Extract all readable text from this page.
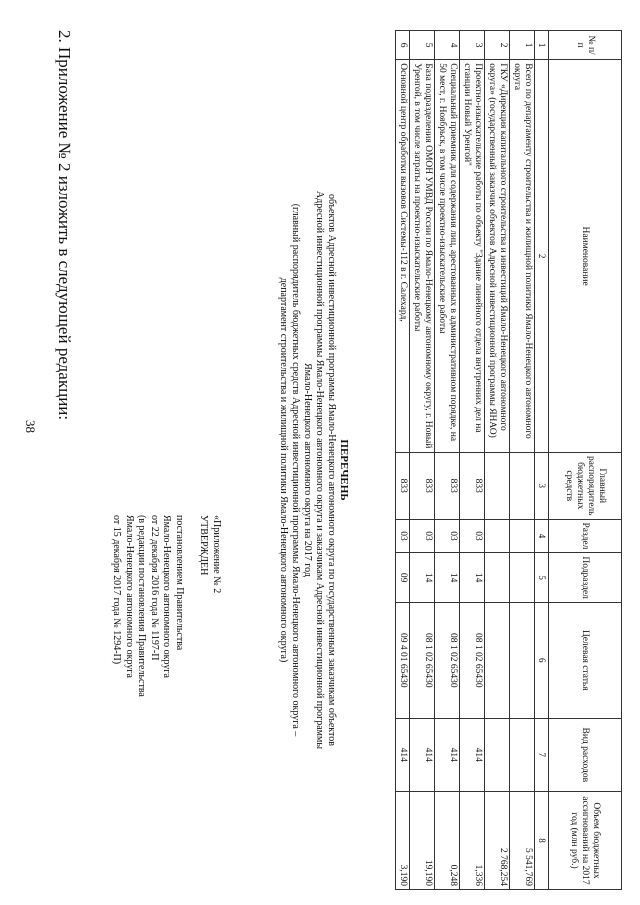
2. Приложение № 2 изложить в следующей редакции:
38
«Приложение № 2
УТВЕРЖДЕН
постановлением Правительства
Ямало-Ненецкого автономного округа
от 22 декабря 2016 года № 1197-П
(в редакции постановления Правительства
Ямало-Ненецкого автономного округа
от 15 декабря 2017 года № 1294-П)
ПЕРЕЧЕНЬ
объектов Адресной инвестиционной программы Ямало-Ненецкого автономного округа по государственным заказчикам объектов
Адресной инвестиционной программы Ямало-Ненецкого автономного округа и заказчикам Адресной инвестиционной программы
Ямало-Ненецкого автономного округа на 2017 год
(главный распорядитель бюджетных средств Адресной инвестиционной программы Ямало-Ненецкого автономного округа –
департамент строительства и жилищной политики Ямало-Ненецкого автономного округа)
№ п/п	Наименование	Главный распорядитель бюджетных средств	Раздел	Подраздел	Целевая статья	Вид расходов	Объем бюджетных ассигнований на 2017 год (млн руб.)
1	2	3	4	5	6	7	8
1	Всего по департаменту строительства и жилищной политики Ямало-Ненецкого автономного округа						5 541,769
2	ГКУ «Дирекция капитального строительства и инвестиций Ямало-Ненецкого автономного округа» (государственный заказчик объектов Адресной инвестиционной программы ЯНАО)						2 768,254
3	Проектно-изыскательские работы по объекту "Здание линейного отдела внутренних дел на станции Новый Уренгой"	833	03	14	08 1 02 65430	414	1,336
4	Специальный приемник для содержания лиц, арестованных в административном порядке, на 50 мест, г. Ноябрьск, в том числе проектно-изыскательские работы	833	03	14	08 1 02 65430	414	0,248
5	База подразделения ОМОН УМВД России по Ямало-Ненецкому автономному округу, г. Новый Уренгой, в том числе затраты на проектно-изыскательские работы	833	03	14	08 1 02 65430	414	19,190
6	Основной центр обработки вызовов Системы-112 в г. Салехард,	833	03	09	09 4 01 65430	414	3,190
